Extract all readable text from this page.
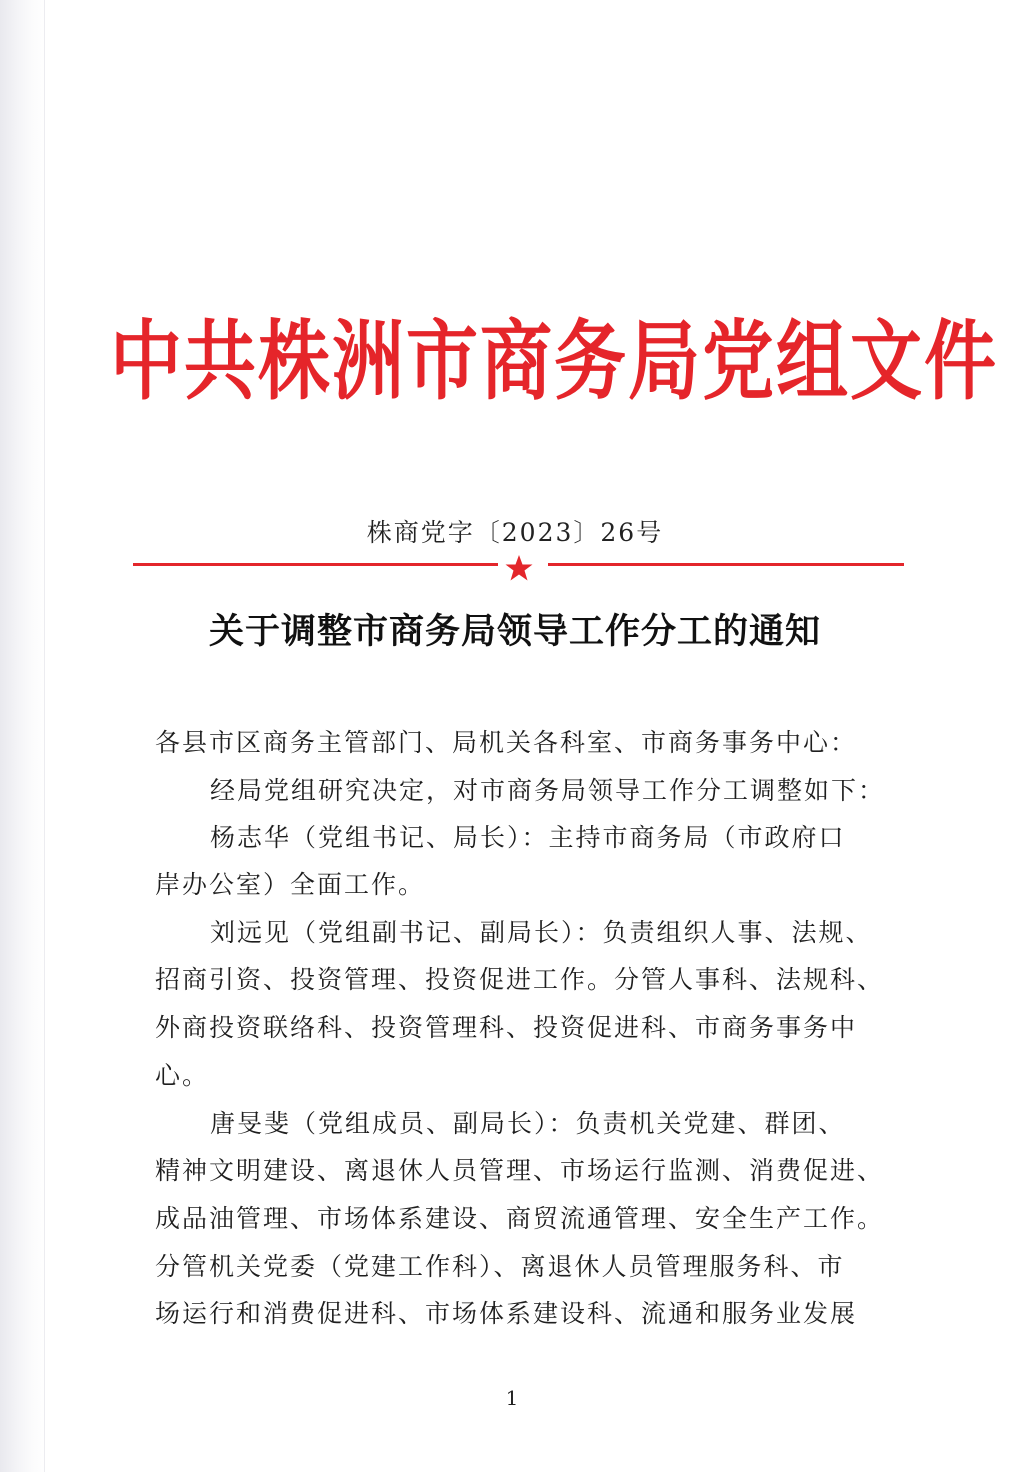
中共株洲市商务局党组文件
株商党字〔2023〕26号
关于调整市商务局领导工作分工的通知
各县市区商务主管部门、局机关各科室、市商务事务中心：
经局党组研究决定，对市商务局领导工作分工调整如下：
杨志华（党组书记、局长）：主持市商务局（市政府口
岸办公室）全面工作。
刘远见（党组副书记、副局长）：负责组织人事、法规、
招商引资、投资管理、投资促进工作。分管人事科、法规科、
外商投资联络科、投资管理科、投资促进科、市商务事务中
心。
唐旻斐（党组成员、副局长）：负责机关党建、群团、
精神文明建设、离退休人员管理、市场运行监测、消费促进、
成品油管理、市场体系建设、商贸流通管理、安全生产工作。
分管机关党委（党建工作科）、离退休人员管理服务科、市
场运行和消费促进科、市场体系建设科、流通和服务业发展
1
